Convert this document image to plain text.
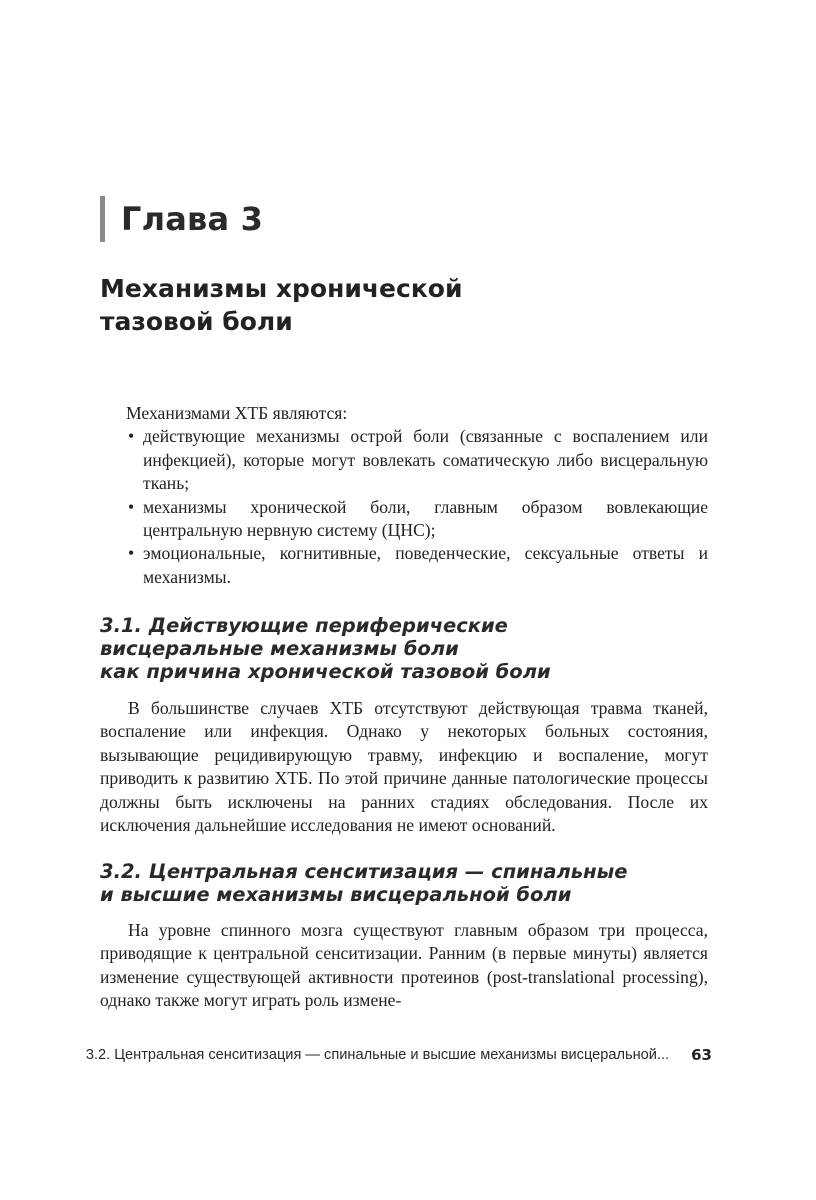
Глава 3
Механизмы хронической
тазовой боли

Механизмами ХТБ являются:

• действующие механизмы острой боли (связанные с воспалением или инфекцией), которые могут вовлекать соматическую либо висцеральную ткань;
• механизмы хронической боли, главным образом вовлекающие центральную нервную систему (ЦНС);
• эмоциональные, когнитивные, поведенческие, сексуальные ответы и механизмы.
3.1. Действующие периферические
висцеральные механизмы боли
как причина хронической тазовой боли

В большинстве случаев ХТБ отсутствуют действующая травма тканей, воспаление или инфекция. Однако у некоторых больных состояния, вызывающие рецидивирующую травму, инфекцию и воспаление, могут приводить к развитию ХТБ. По этой причине данные патологические процессы должны быть исключены на ранних стадиях обследования. После их исключения дальнейшие исследования не имеют оснований.

3.2. Центральная сенситизация — спинальные
и высшие механизмы висцеральной боли

На уровне спинного мозга существуют главным образом три процесса, приводящие к центральной сенситизации. Ранним (в первые минуты) является изменение существующей активности протеинов (post-translational processing), однако также могут играть роль измене-

3.2. Центральная сенситизация — спинальные и высшие механизмы висцеральной... 63
